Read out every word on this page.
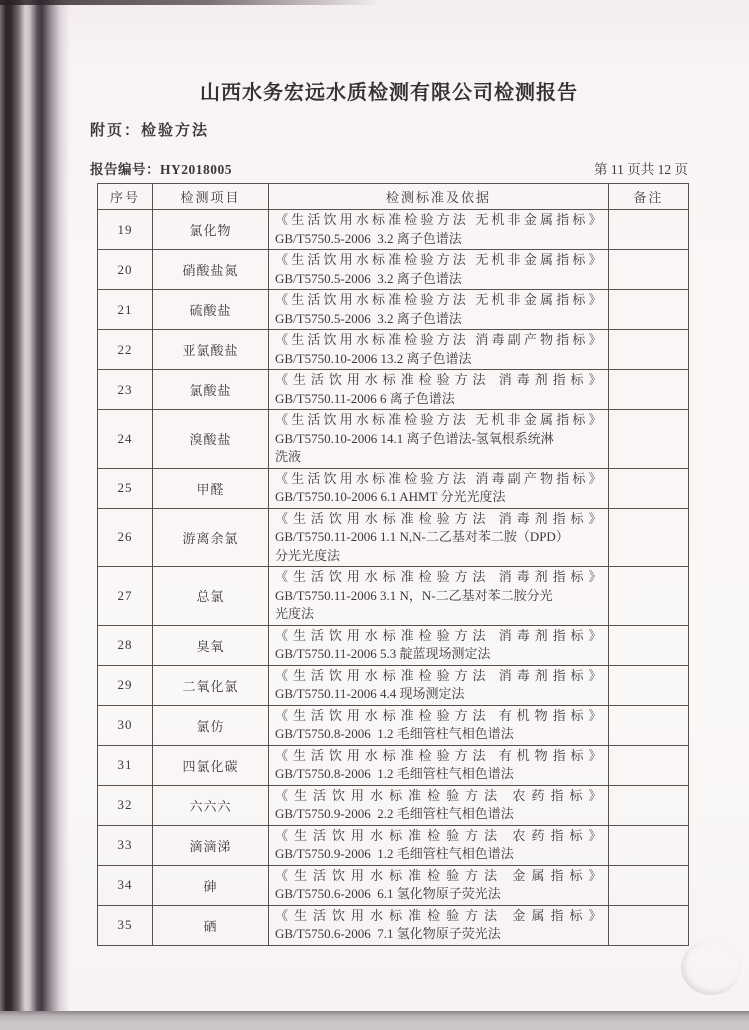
山西水务宏远水质检测有限公司检测报告
附页：检验方法
报告编号：HY2018005	第 11 页共 12 页
序号	检测项目	检测标准及依据	备注
19	氯化物	《生活饮用水标准检验方法 无机非金属指标》
GB/T5750.5-2006  3.2 离子色谱法	

20	硝酸盐氮	《生活饮用水标准检验方法 无机非金属指标》
GB/T5750.5-2006  3.2 离子色谱法	

21	硫酸盐	《生活饮用水标准检验方法 无机非金属指标》
GB/T5750.5-2006  3.2 离子色谱法	

22	亚氯酸盐	《生活饮用水标准检验方法 消毒副产物指标》
GB/T5750.10-2006 13.2 离子色谱法	

23	氯酸盐	《生活饮用水标准检验方法 消毒剂指标》
GB/T5750.11-2006 6 离子色谱法	

24	溴酸盐	《生活饮用水标准检验方法 无机非金属指标》
GB/T5750.10-2006 14.1 离子色谱法-氢氧根系统淋
洗液	

25	甲醛	《生活饮用水标准检验方法 消毒副产物指标》
GB/T5750.10-2006 6.1 AHMT 分光光度法	

26	游离余氯	《生活饮用水标准检验方法 消毒剂指标》
GB/T5750.11-2006 1.1 N,N-二乙基对苯二胺（DPD）
分光光度法	

27	总氯	《生活饮用水标准检验方法 消毒剂指标》
GB/T5750.11-2006 3.1 N，N-二乙基对苯二胺分光
光度法	

28	臭氧	《生活饮用水标准检验方法 消毒剂指标》
GB/T5750.11-2006 5.3 靛蓝现场测定法	

29	二氧化氯	《生活饮用水标准检验方法 消毒剂指标》
GB/T5750.11-2006 4.4 现场测定法	

30	氯仿	《生活饮用水标准检验方法 有机物指标》
GB/T5750.8-2006  1.2 毛细管柱气相色谱法	

31	四氯化碳	《生活饮用水标准检验方法 有机物指标》
GB/T5750.8-2006  1.2 毛细管柱气相色谱法	

32	六六六	《生活饮用水标准检验方法 农药指标》
GB/T5750.9-2006  2.2 毛细管柱气相色谱法	

33	滴滴涕	《生活饮用水标准检验方法 农药指标》
GB/T5750.9-2006  1.2 毛细管柱气相色谱法	

34	砷	《生活饮用水标准检验方法 金属指标》
GB/T5750.6-2006  6.1 氢化物原子荧光法	

35	硒	《生活饮用水标准检验方法 金属指标》
GB/T5750.6-2006  7.1 氢化物原子荧光法	
